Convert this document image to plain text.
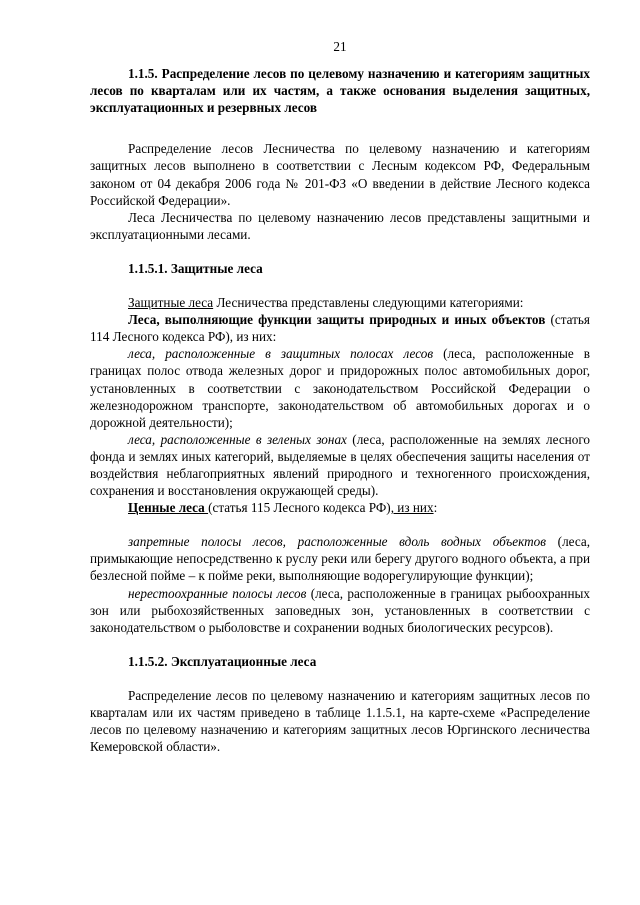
21
1.1.5. Распределение лесов по целевому назначению и категориям защитных лесов по кварталам или их частям, а также основания выделения защитных, эксплуатационных и резервных лесов

Распределение лесов Лесничества по целевому назначению и категориям защитных лесов выполнено в соответствии с Лесным кодексом РФ, Федеральным законом от 04 декабря 2006 года № 201-ФЗ «О введении в действие Лесного кодекса Российской Федерации».

Леса Лесничества по целевому назначению лесов представлены защитными и эксплуатационными лесами.

1.1.5.1. Защитные леса

Защитные леса Лесничества представлены следующими категориями:

Леса, выполняющие функции защиты природных и иных объектов (статья 114 Лесного кодекса РФ), из них:

леса, расположенные в защитных полосах лесов (леса, расположенные в границах полос отвода железных дорог и придорожных полос автомобильных дорог, установленных в соответствии с законодательством Российской Федерации о железнодорожном транспорте, законодательством об автомобильных дорогах и о дорожной деятельности);

леса, расположенные в зеленых зонах (леса, расположенные на землях лесного фонда и землях иных категорий, выделяемые в целях обеспечения защиты населения от воздействия неблагоприятных явлений природного и техногенного происхождения, сохранения и восстановления окружающей среды).

Ценные леса (статья 115 Лесного кодекса РФ), из них:

запретные полосы лесов, расположенные вдоль водных объектов (леса, примыкающие непосредственно к руслу реки или берегу другого водного объекта, а при безлесной пойме – к пойме реки, выполняющие водорегулирующие функции);

нерестоохранные полосы лесов (леса, расположенные в границах рыбоохранных зон или рыбохозяйственных заповедных зон, установленных в соответствии с законодательством о рыболовстве и сохранении водных биологических ресурсов).

1.1.5.2. Эксплуатационные леса

Распределение лесов по целевому назначению и категориям защитных лесов по кварталам или их частям приведено в таблице 1.1.5.1, на карте-схеме «Распределение лесов по целевому назначению и категориям защитных лесов Юргинского лесничества Кемеровской области».
